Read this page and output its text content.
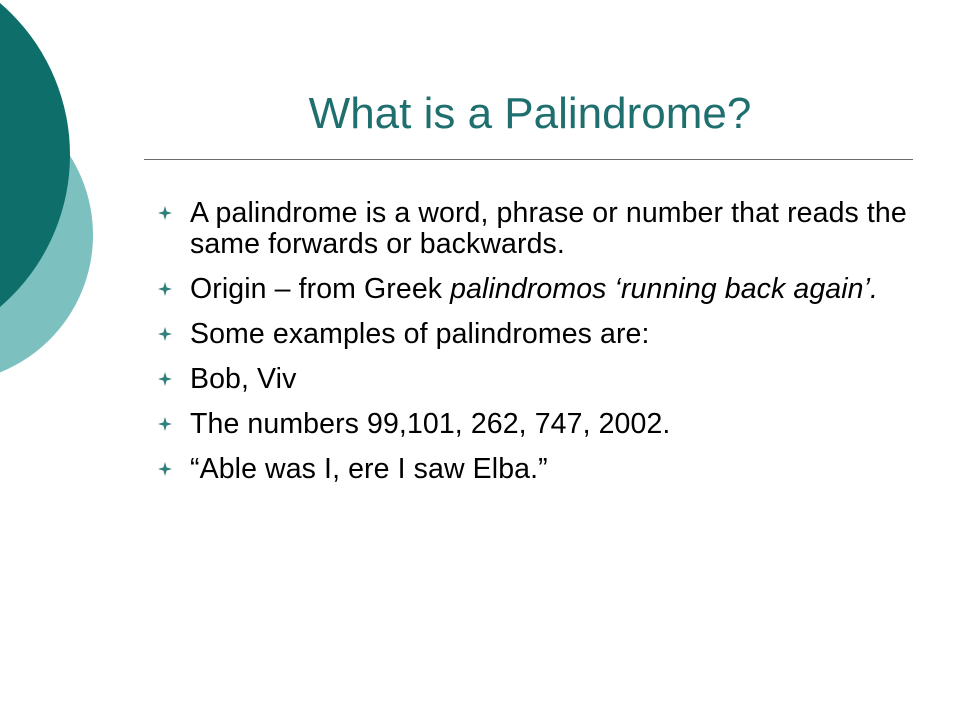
What is a Palindrome?
A palindrome is a word, phrase or number that reads the same forwards or backwards.
Origin – from Greek palindromos ‘running back again’.
Some examples of palindromes are:
Bob, Viv
The numbers 99,101, 262, 747, 2002.
“Able was I, ere I saw Elba.”
